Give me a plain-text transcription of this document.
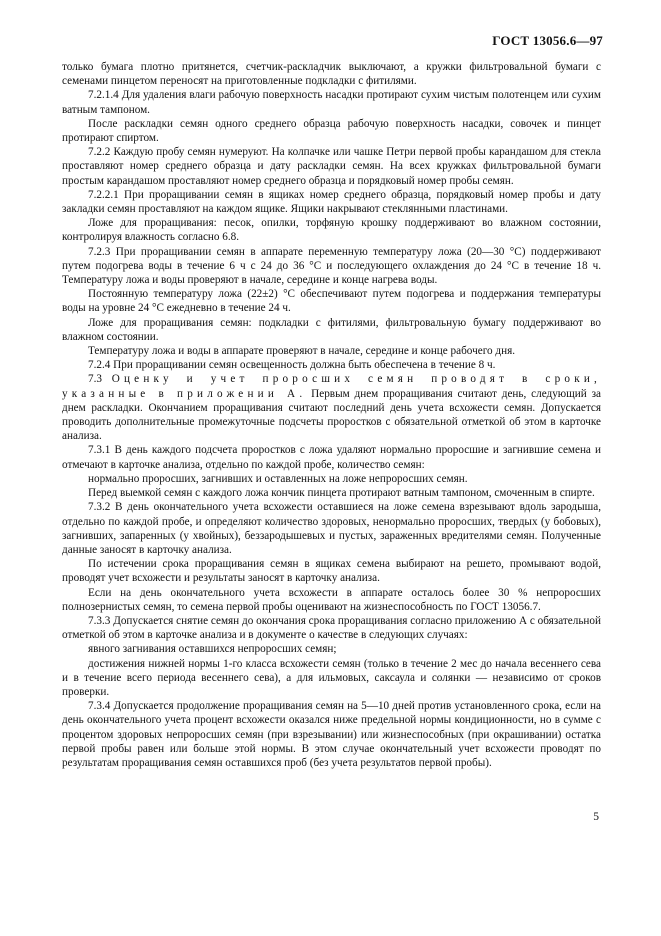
ГОСТ 13056.6—97

только бумага плотно притянется, счетчик-раскладчик выключают, а кружки фильтровальной бумаги с семенами пинцетом переносят на приготовленные подкладки с фитилями.

7.2.1.4 Для удаления влаги рабочую поверхность насадки протирают сухим чистым полотенцем или сухим ватным тампоном.

После раскладки семян одного среднего образца рабочую поверхность насадки, совочек и пинцет протирают спиртом.

7.2.2 Каждую пробу семян нумеруют. На колпачке или чашке Петри первой пробы карандашом для стекла проставляют номер среднего образца и дату раскладки семян. На всех кружках фильтровальной бумаги простым карандашом проставляют номер среднего образца и порядковый номер пробы семян.

7.2.2.1 При проращивании семян в ящиках номер среднего образца, порядковый номер пробы и дату закладки семян проставляют на каждом ящике. Ящики накрывают стеклянными пластинами.

Ложе для проращивания: песок, опилки, торфяную крошку поддерживают во влажном состоянии, контролируя влажность согласно 6.8.

7.2.3 При проращивании семян в аппарате переменную температуру ложа (20—30 °С) поддерживают путем подогрева воды в течение 6 ч с 24 до 36 °С и последующего охлаждения до 24 °С в течение 18 ч. Температуру ложа и воды проверяют в начале, середине и конце нагрева воды.

Постоянную температуру ложа (22±2) °С обеспечивают путем подогрева и поддержания температуры воды на уровне 24 °С ежедневно в течение 24 ч.

Ложе для проращивания семян: подкладки с фитилями, фильтровальную бумагу поддерживают во влажном состоянии.

Температуру ложа и воды в аппарате проверяют в начале, середине и конце рабочего дня.

7.2.4 При проращивании семян освещенность должна быть обеспечена в течение 8 ч.

7.3 Оценку и учет проросших семян проводят в сроки, указанные в приложении А. Первым днем проращивания считают день, следующий за днем раскладки. Окончанием проращивания считают последний день учета всхожести семян. Допускается проводить дополнительные промежуточные подсчеты проростков с обязательной отметкой об этом в карточке анализа.

7.3.1 В день каждого подсчета проростков с ложа удаляют нормально проросшие и загнившие семена и отмечают в карточке анализа, отдельно по каждой пробе, количество семян:

нормально проросших, загнивших и оставленных на ложе непроросших семян.

Перед выемкой семян с каждого ложа кончик пинцета протирают ватным тампоном, смоченным в спирте.

7.3.2 В день окончательного учета всхожести оставшиеся на ложе семена взрезывают вдоль зародыша, отдельно по каждой пробе, и определяют количество здоровых, ненормально проросших, твердых (у бобовых), загнивших, запаренных (у хвойных), беззародышевых и пустых, зараженных вредителями семян. Полученные данные заносят в карточку анализа.

По истечении срока проращивания семян в ящиках семена выбирают на решето, промывают водой, проводят учет всхожести и результаты заносят в карточку анализа.

Если на день окончательного учета всхожести в аппарате осталось более 30 % непроросших полнозернистых семян, то семена первой пробы оценивают на жизнеспособность по ГОСТ 13056.7.

7.3.3 Допускается снятие семян до окончания срока проращивания согласно приложению А с обязательной отметкой об этом в карточке анализа и в документе о качестве в следующих случаях:

явного загнивания оставшихся непроросших семян;

достижения нижней нормы 1-го класса всхожести семян (только в течение 2 мес до начала весеннего сева и в течение всего периода весеннего сева), а для ильмовых, саксаула и солянки — независимо от сроков проверки.

7.3.4 Допускается продолжение проращивания семян на 5—10 дней против установленного срока, если на день окончательного учета процент всхожести оказался ниже предельной нормы кондиционности, но в сумме с процентом здоровых непроросших семян (при взрезывании) или жизнеспособных (при окрашивании) остатка первой пробы равен или больше этой нормы. В этом случае окончательный учет всхожести проводят по результатам проращивания семян оставшихся проб (без учета результатов первой пробы).

5
